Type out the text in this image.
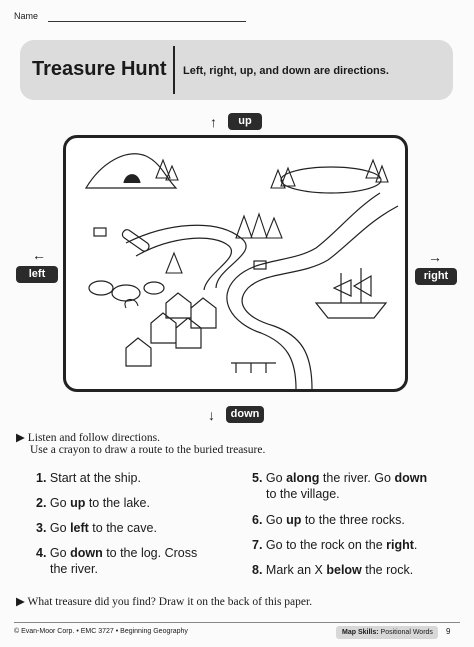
Name
Treasure Hunt Left, right, up, and down are directions.
↑	up
←
left
→
right
↓	down
▶ Listen and follow directions.
Use a crayon to draw a route to the buried treasure.
1. Start at the ship.
2. Go up to the lake.
3. Go left to the cave.
4. Go down to the log. Cross
the river.
5. Go along the river. Go down
to the village.
6. Go up to the three rocks.
7. Go to the rock on the right.
8. Mark an X below the rock.
▶ What treasure did you find? Draw it on the back of this paper.
© Evan-Moor Corp. • EMC 3727 • Beginning Geography	Map Skills: Positional Words	9
